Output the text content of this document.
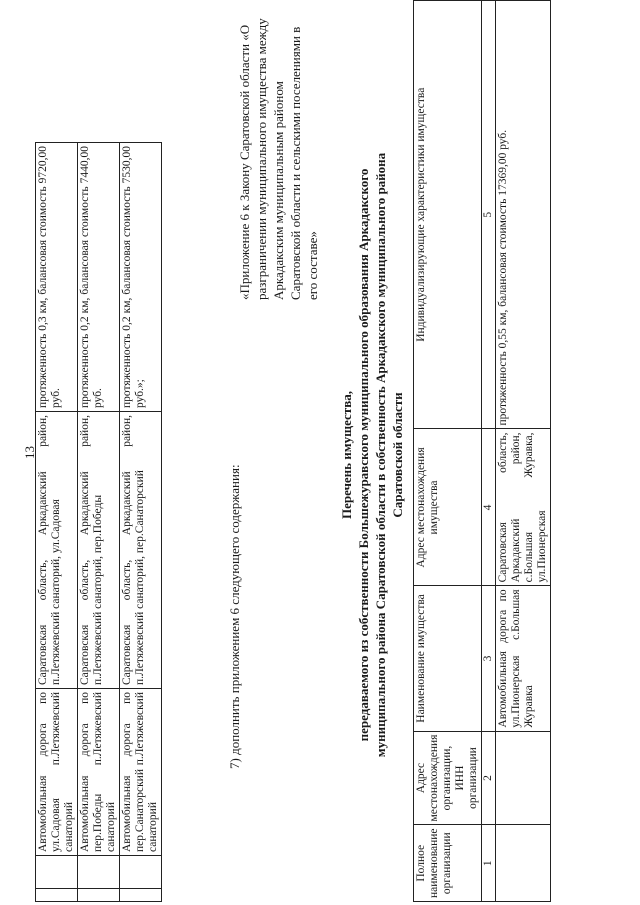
13
		Автомобильная дорога по ул.Садовая п.Летяжевский санаторий	Саратовская область, Аркадакский район, п.Летяжевский санаторий, ул.Садовая	протяженность 0,3 км, балансовая стоимость 9720,00 руб.
		Автомобильная дорога по пер.Победы п.Летяжевский санаторий	Саратовская область, Аркадакский район, п.Летяжевский санаторий, пер.Победы	протяженность 0,2 км, балансовая стоимость 7440,00 руб.
		Автомобильная дорога по пер.Санаторский п.Летяжевский санаторий	Саратовская область, Аркадакский район, п.Летяжевский санаторий, пер.Санаторский	протяженность 0,2 км, балансовая стоимость 7530,00 руб.»;
7) дополнить приложением 6 следующего содержания:
«Приложение 6 к Закону Саратовской области «О разграничении муниципального имущества между Аркадакским муниципальным районом Саратовской области и сельскими поселениями в его составе»
Перечень имущества, передаваемого из собственности Большежуравского муниципального образования Аркадакского муниципального района Саратовской области в собственность Аркадакского муниципального района Саратовской области
Полное наименование организации	Адрес местонахождения организации, ИНН организации	Наименование имущества	Адрес местонахождения имущества	Индивидуализирующие характеристики имущества
1	2	3	4	5
		Автомобильная дорога по ул.Пионерская с.Большая Журавка	Саратовская область, Аркадакский район, с.Большая Журавка, ул.Пионерская	протяженность 0,55 км, балансовая стоимость 17369,00 руб.
